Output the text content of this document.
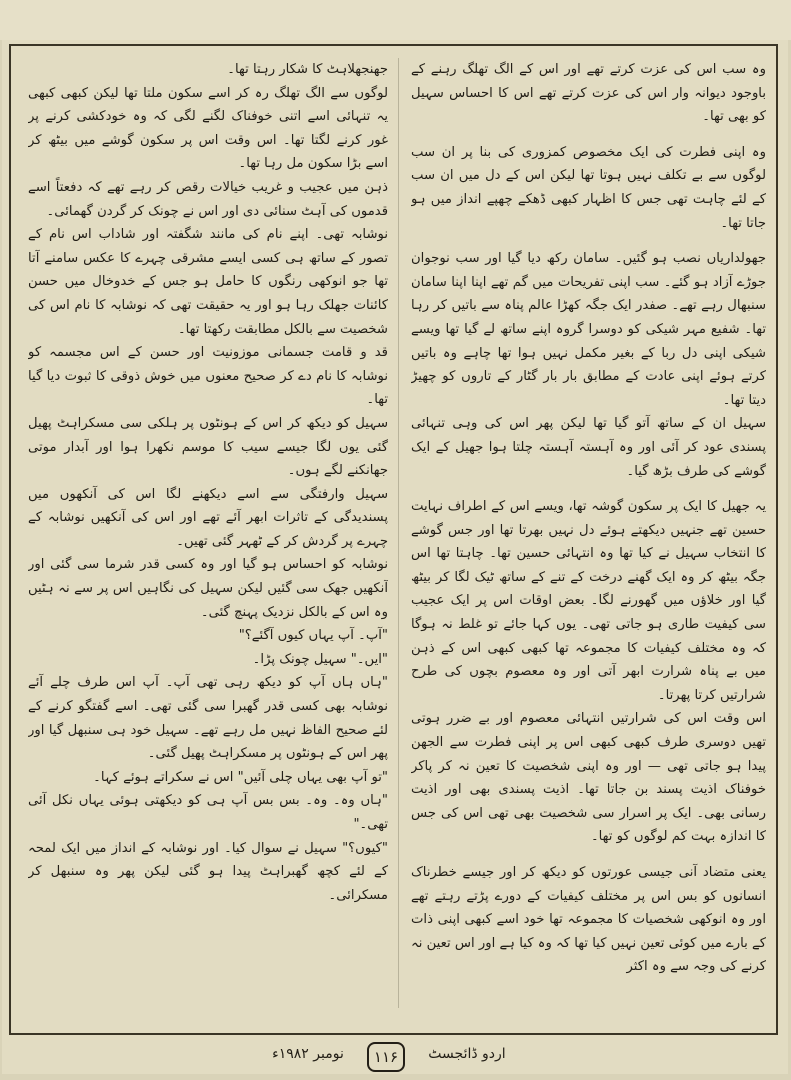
وہ سب اس کی عزت کرتے تھے اور اس کے الگ تھلگ رہنے کے باوجود دیوانہ وار اس کی عزت کرتے تھے اس کا احساس سہیل کو بھی تھا۔

وہ اپنی فطرت کی ایک مخصوص کمزوری کی بنا پر ان سب لوگوں سے بے تکلف نہیں ہوتا تھا لیکن اس کے دل میں ان سب کے لئے چاہت تھی جس کا اظہار کبھی ڈھکے چھپے انداز میں ہو جاتا تھا۔

جھولداریاں نصب ہو گئیں۔ سامان رکھ دیا گیا اور سب نوجوان جوڑے آزاد ہو گئے۔ سب اپنی تفریحات میں گم تھے اپنا اپنا سامان سنبھال رہے تھے۔ صفدر ایک جگہ کھڑا عالم پناہ سے باتیں کر رہا تھا۔ شفیع مہر شیکی کو دوسرا گروہ اپنے ساتھ لے گیا تھا ویسے شیکی اپنی دل ربا کے بغیر مکمل نہیں ہوا تھا چاہے وہ باتیں کرتے ہوئے اپنی عادت کے مطابق بار بار گٹار کے تاروں کو چھیڑ دیتا تھا۔

سہیل ان کے ساتھ آتو گیا تھا لیکن پھر اس کی وہی تنہائی پسندی عود کر آئی اور وہ آہستہ آہستہ چلتا ہوا جھیل کے ایک گوشے کی طرف بڑھ گیا۔

یہ جھیل کا ایک پر سکون گوشہ تھا، ویسے اس کے اطراف نہایت حسین تھے جنہیں دیکھتے ہوئے دل نہیں بھرتا تھا اور جس گوشے کا انتخاب سہیل نے کیا تھا وہ انتہائی حسین تھا۔ چاہتا تھا اس جگہ بیٹھ کر وہ ایک گھنے درخت کے تنے کے ساتھ ٹیک لگا کر بیٹھ گیا اور خلاؤں میں گھورنے لگا۔ بعض اوقات اس پر ایک عجیب سی کیفیت طاری ہو جاتی تھی۔ یوں کہا جائے تو غلط نہ ہوگا کہ وہ مختلف کیفیات کا مجموعہ تھا کبھی کبھی اس کے ذہن میں بے پناہ شرارت ابھر آتی اور وہ معصوم بچوں کی طرح شرارتیں کرتا پھرتا۔

اس وقت اس کی شرارتیں انتہائی معصوم اور بے ضرر ہوتی تھیں دوسری طرف کبھی کبھی اس پر اپنی فطرت سے الجھن پیدا ہو جاتی تھی — اور وہ اپنی شخصیت کا تعین نہ کر پاکر خوفناک اذیت پسند بن جاتا تھا۔ اذیت پسندی بھی اور اذیت رسانی بھی۔ ایک پر اسرار سی شخصیت بھی تھی اس کی جس کا اندازہ بہت کم لوگوں کو تھا۔

یعنی متضاد آنی جیسی عورتوں کو دیکھ کر اور جیسے خطرناک انسانوں کو بس اس پر مختلف کیفیات کے دورے پڑتے رہتے تھے اور وہ انوکھی شخصیات کا مجموعہ تھا خود اسے کبھی اپنی ذات کے بارے میں کوئی تعین نہیں کیا تھا کہ وہ کیا ہے اور اس تعین نہ کرنے کی وجہ سے وہ اکثر

جھنجھلاہٹ کا شکار رہتا تھا۔

لوگوں سے الگ تھلگ رہ کر اسے سکون ملتا تھا لیکن کبھی کبھی یہ تنہائی اسے اتنی خوفناک لگنے لگی کہ وہ خودکشی کرنے پر غور کرنے لگتا تھا۔ اس وقت اس پر سکون گوشے میں بیٹھ کر اسے بڑا سکون مل رہا تھا۔

ذہن میں عجیب و غریب خیالات رقص کر رہے تھے کہ دفعتاً اسے قدموں کی آہٹ سنائی دی اور اس نے چونک کر گردن گھمائی۔

نوشابہ تھی۔ اپنے نام کی مانند شگفتہ اور شاداب اس نام کے تصور کے ساتھ ہی کسی ایسے مشرقی چہرے کا عکس سامنے آتا تھا جو انوکھی رنگوں کا حامل ہو جس کے خدوخال میں حسن کائنات جھلک رہا ہو اور یہ حقیقت تھی کہ نوشابہ کا نام اس کی شخصیت سے بالکل مطابقت رکھتا تھا۔

قد و قامت جسمانی موزونیت اور حسن کے اس مجسمہ کو نوشابہ کا نام دے کر صحیح معنوں میں خوش ذوقی کا ثبوت دیا گیا تھا۔

سہیل کو دیکھ کر اس کے ہونٹوں پر ہلکی سی مسکراہٹ پھیل گئی یوں لگا جیسے سیب کا موسم نکھرا ہوا اور آبدار موتی جھانکنے لگے ہوں۔

سہیل وارفتگی سے اسے دیکھنے لگا اس کی آنکھوں میں پسندیدگی کے تاثرات ابھر آئے تھے اور اس کی آنکھیں نوشابہ کے چہرے پر گردش کر کے ٹھہر گئی تھیں۔

نوشابہ کو احساس ہو گیا اور وہ کسی قدر شرما سی گئی اور آنکھیں جھک سی گئیں لیکن سہیل کی نگاہیں اس پر سے نہ ہٹیں وہ اس کے بالکل نزدیک پہنچ گئی۔

"آپ۔ آپ یہاں کیوں آگئے؟"

"ایں۔" سہیل چونک پڑا۔

"ہاں ہاں آپ کو دیکھ رہی تھی آپ۔ آپ اس طرف چلے آئے نوشابہ بھی کسی قدر گھبرا سی گئی تھی۔ اسے گفتگو کرنے کے لئے صحیح الفاظ نہیں مل رہے تھے۔ سہیل خود ہی سنبھل گیا اور پھر اس کے ہونٹوں پر مسکراہٹ پھیل گئی۔

"تو آپ بھی یہاں چلی آئیں" اس نے سکراتے ہوئے کہا۔

"ہاں وہ۔ وہ۔ بس بس آپ ہی کو دیکھتی ہوئی یہاں نکل آئی تھی۔"

"کیوں؟" سہیل نے سوال کیا۔ اور نوشابہ کے انداز میں ایک لمحہ کے لئے کچھ گھبراہٹ پیدا ہو گئی لیکن پھر وہ سنبھل کر مسکرائی۔

اردو ڈائجسٹ
۱۱۶
نومبر ۱۹۸۲ء
